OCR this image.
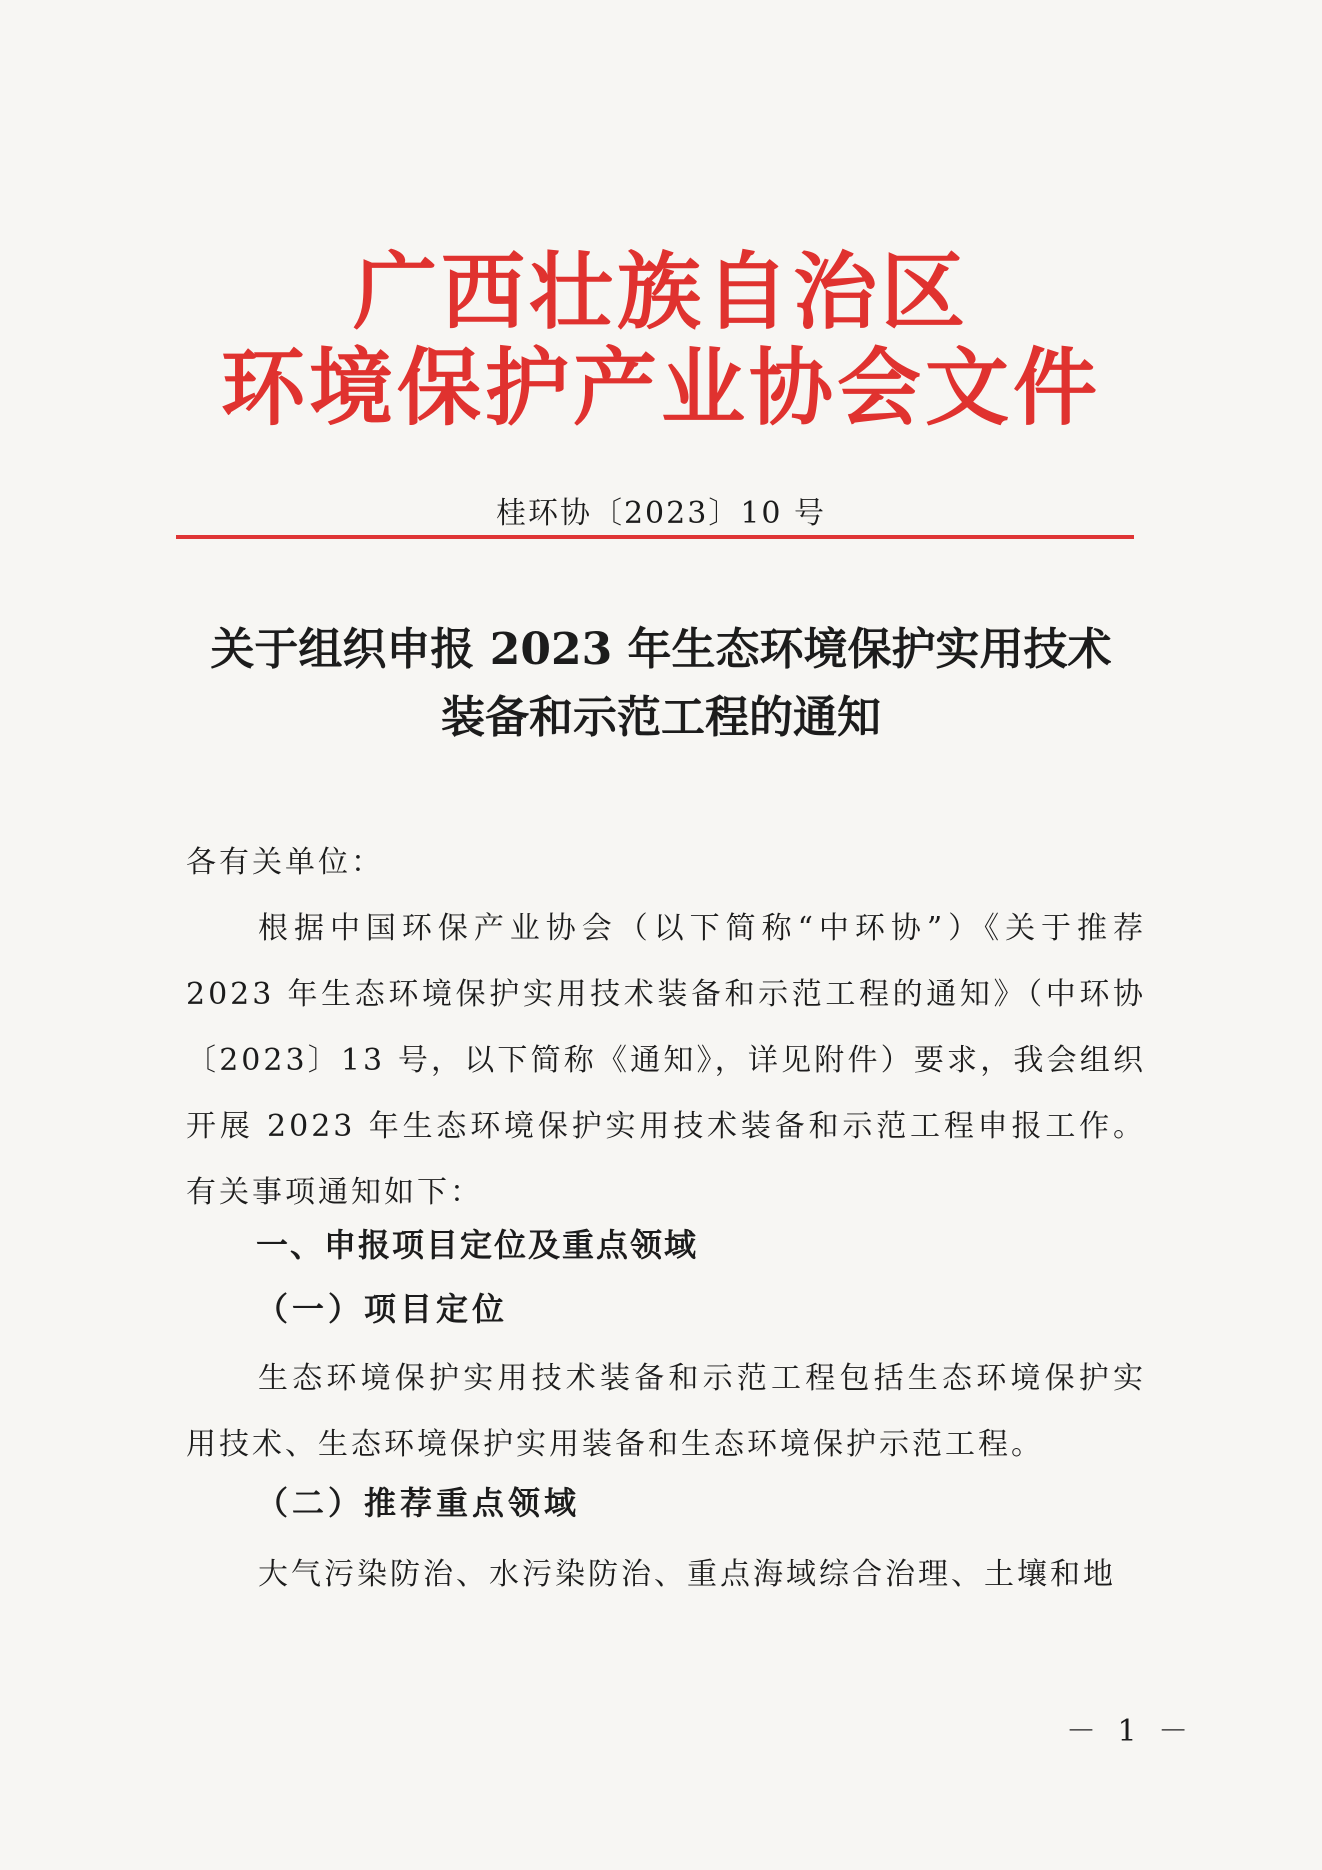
广西壮族自治区
环境保护产业协会文件
桂环协〔2023〕10 号
关于组织申报 2023 年生态环境保护实用技术
装备和示范工程的通知
各有关单位：
根据中国环保产业协会（以下简称“中环协”）《关于推荐2023 年生态环境保护实用技术装备和示范工程的通知》（中环协〔2023〕13 号，以下简称《通知》，详见附件）要求，我会组织开展 2023 年生态环境保护实用技术装备和示范工程申报工作。有关事项通知如下：
一、申报项目定位及重点领域
（一）项目定位
生态环境保护实用技术装备和示范工程包括生态环境保护实用技术、生态环境保护实用装备和生态环境保护示范工程。
（二）推荐重点领域
大气污染防治、水污染防治、重点海域综合治理、土壤和地
－ 1 －
